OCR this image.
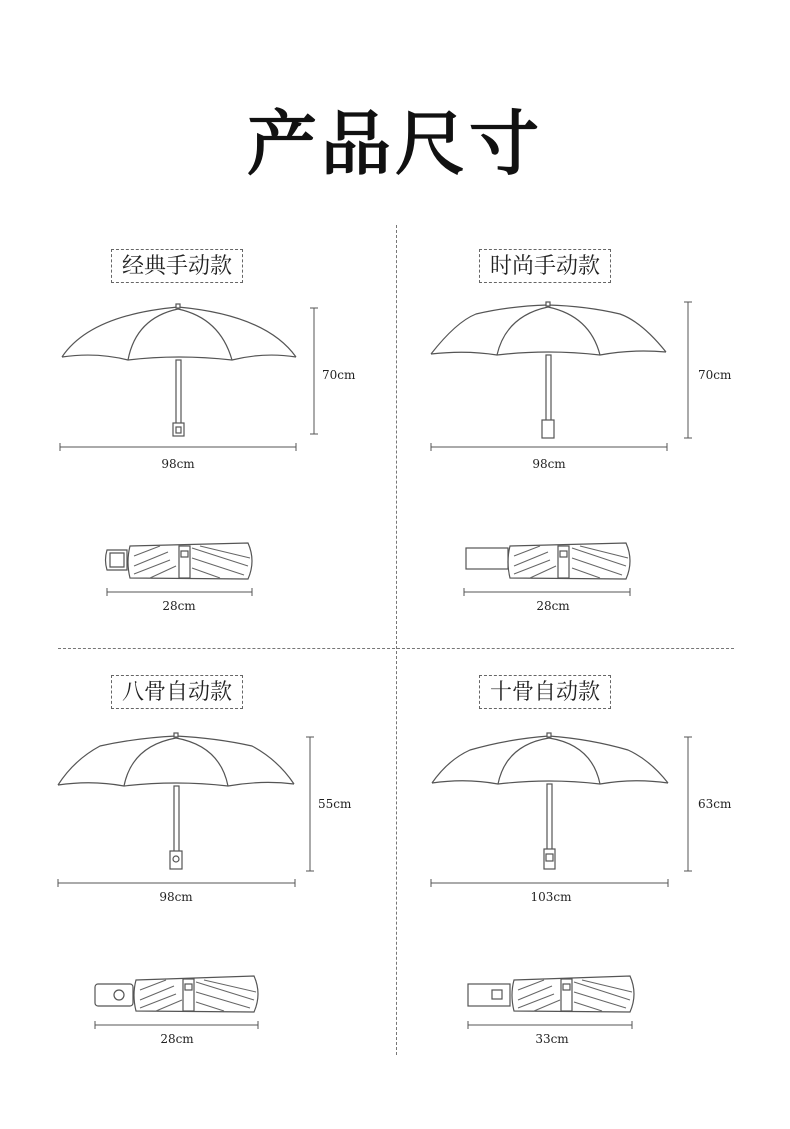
产品尺寸
经典手动款	时尚手动款
八骨自动款	十骨自动款
70cm
98cm
28cm
70cm
98cm
28cm
55cm
98cm
28cm
63cm
103cm
33cm
